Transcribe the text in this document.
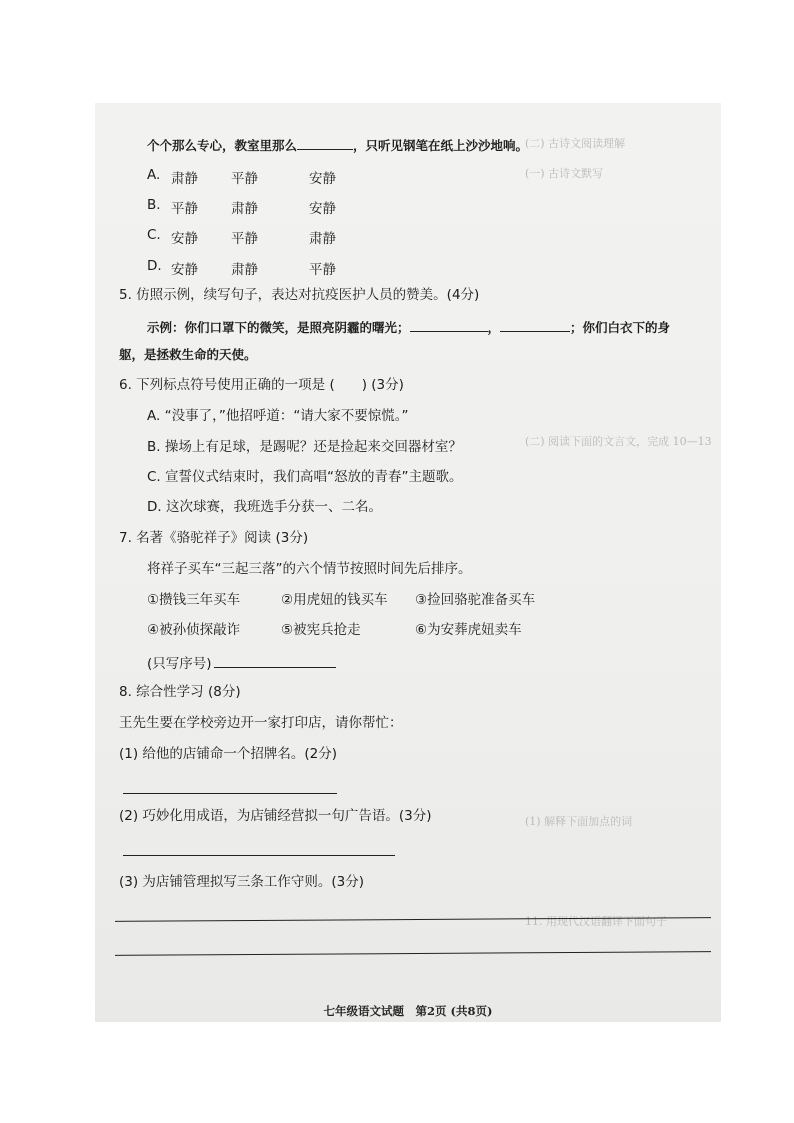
(二) 古诗文阅读理解
(一) 古诗文默写
(二) 阅读下面的文言文，完成 10—13
(1) 解释下面加点的词
11. 用现代汉语翻译下面句子
个个那么专心，教室里那么	，只听见钢笔在纸上沙沙地响。
A. 肃静 平静	安静
B. 平静 肃静	安静
C. 安静 平静	肃静
D. 安静 肃静	平静
5. 仿照示例，续写句子，表达对抗疫医护人员的赞美。(4分)
示例：你们口罩下的微笑，是照亮阴霾的曙光；	，	；你们白衣下的身
躯，是拯救生命的天使。
6. 下列标点符号使用正确的一项是 (　　) (3分)
A. “没事了，”他招呼道：“请大家不要惊慌。”
B. 操场上有足球，是踢呢？还是捡起来交回器材室？
C. 宣誓仪式结束时，我们高唱“怒放的青春”主题歌。
D. 这次球赛，我班选手分获一、二名。
7. 名著《骆驼祥子》阅读 (3分)
将祥子买车“三起三落”的六个情节按照时间先后排序。
①攒钱三年买车	②用虎妞的钱买车 ③捡回骆驼准备买车
④被孙侦探敲诈	⑤被宪兵抢走	⑥为安葬虎妞卖车
(只写序号)
8. 综合性学习 (8分)
王先生要在学校旁边开一家打印店，请你帮忙：
(1) 给他的店铺命一个招牌名。(2分)
(2) 巧妙化用成语，为店铺经营拟一句广告语。(3分)
(3) 为店铺管理拟写三条工作守则。(3分)
七年级语文试题　第2页 (共8页)
